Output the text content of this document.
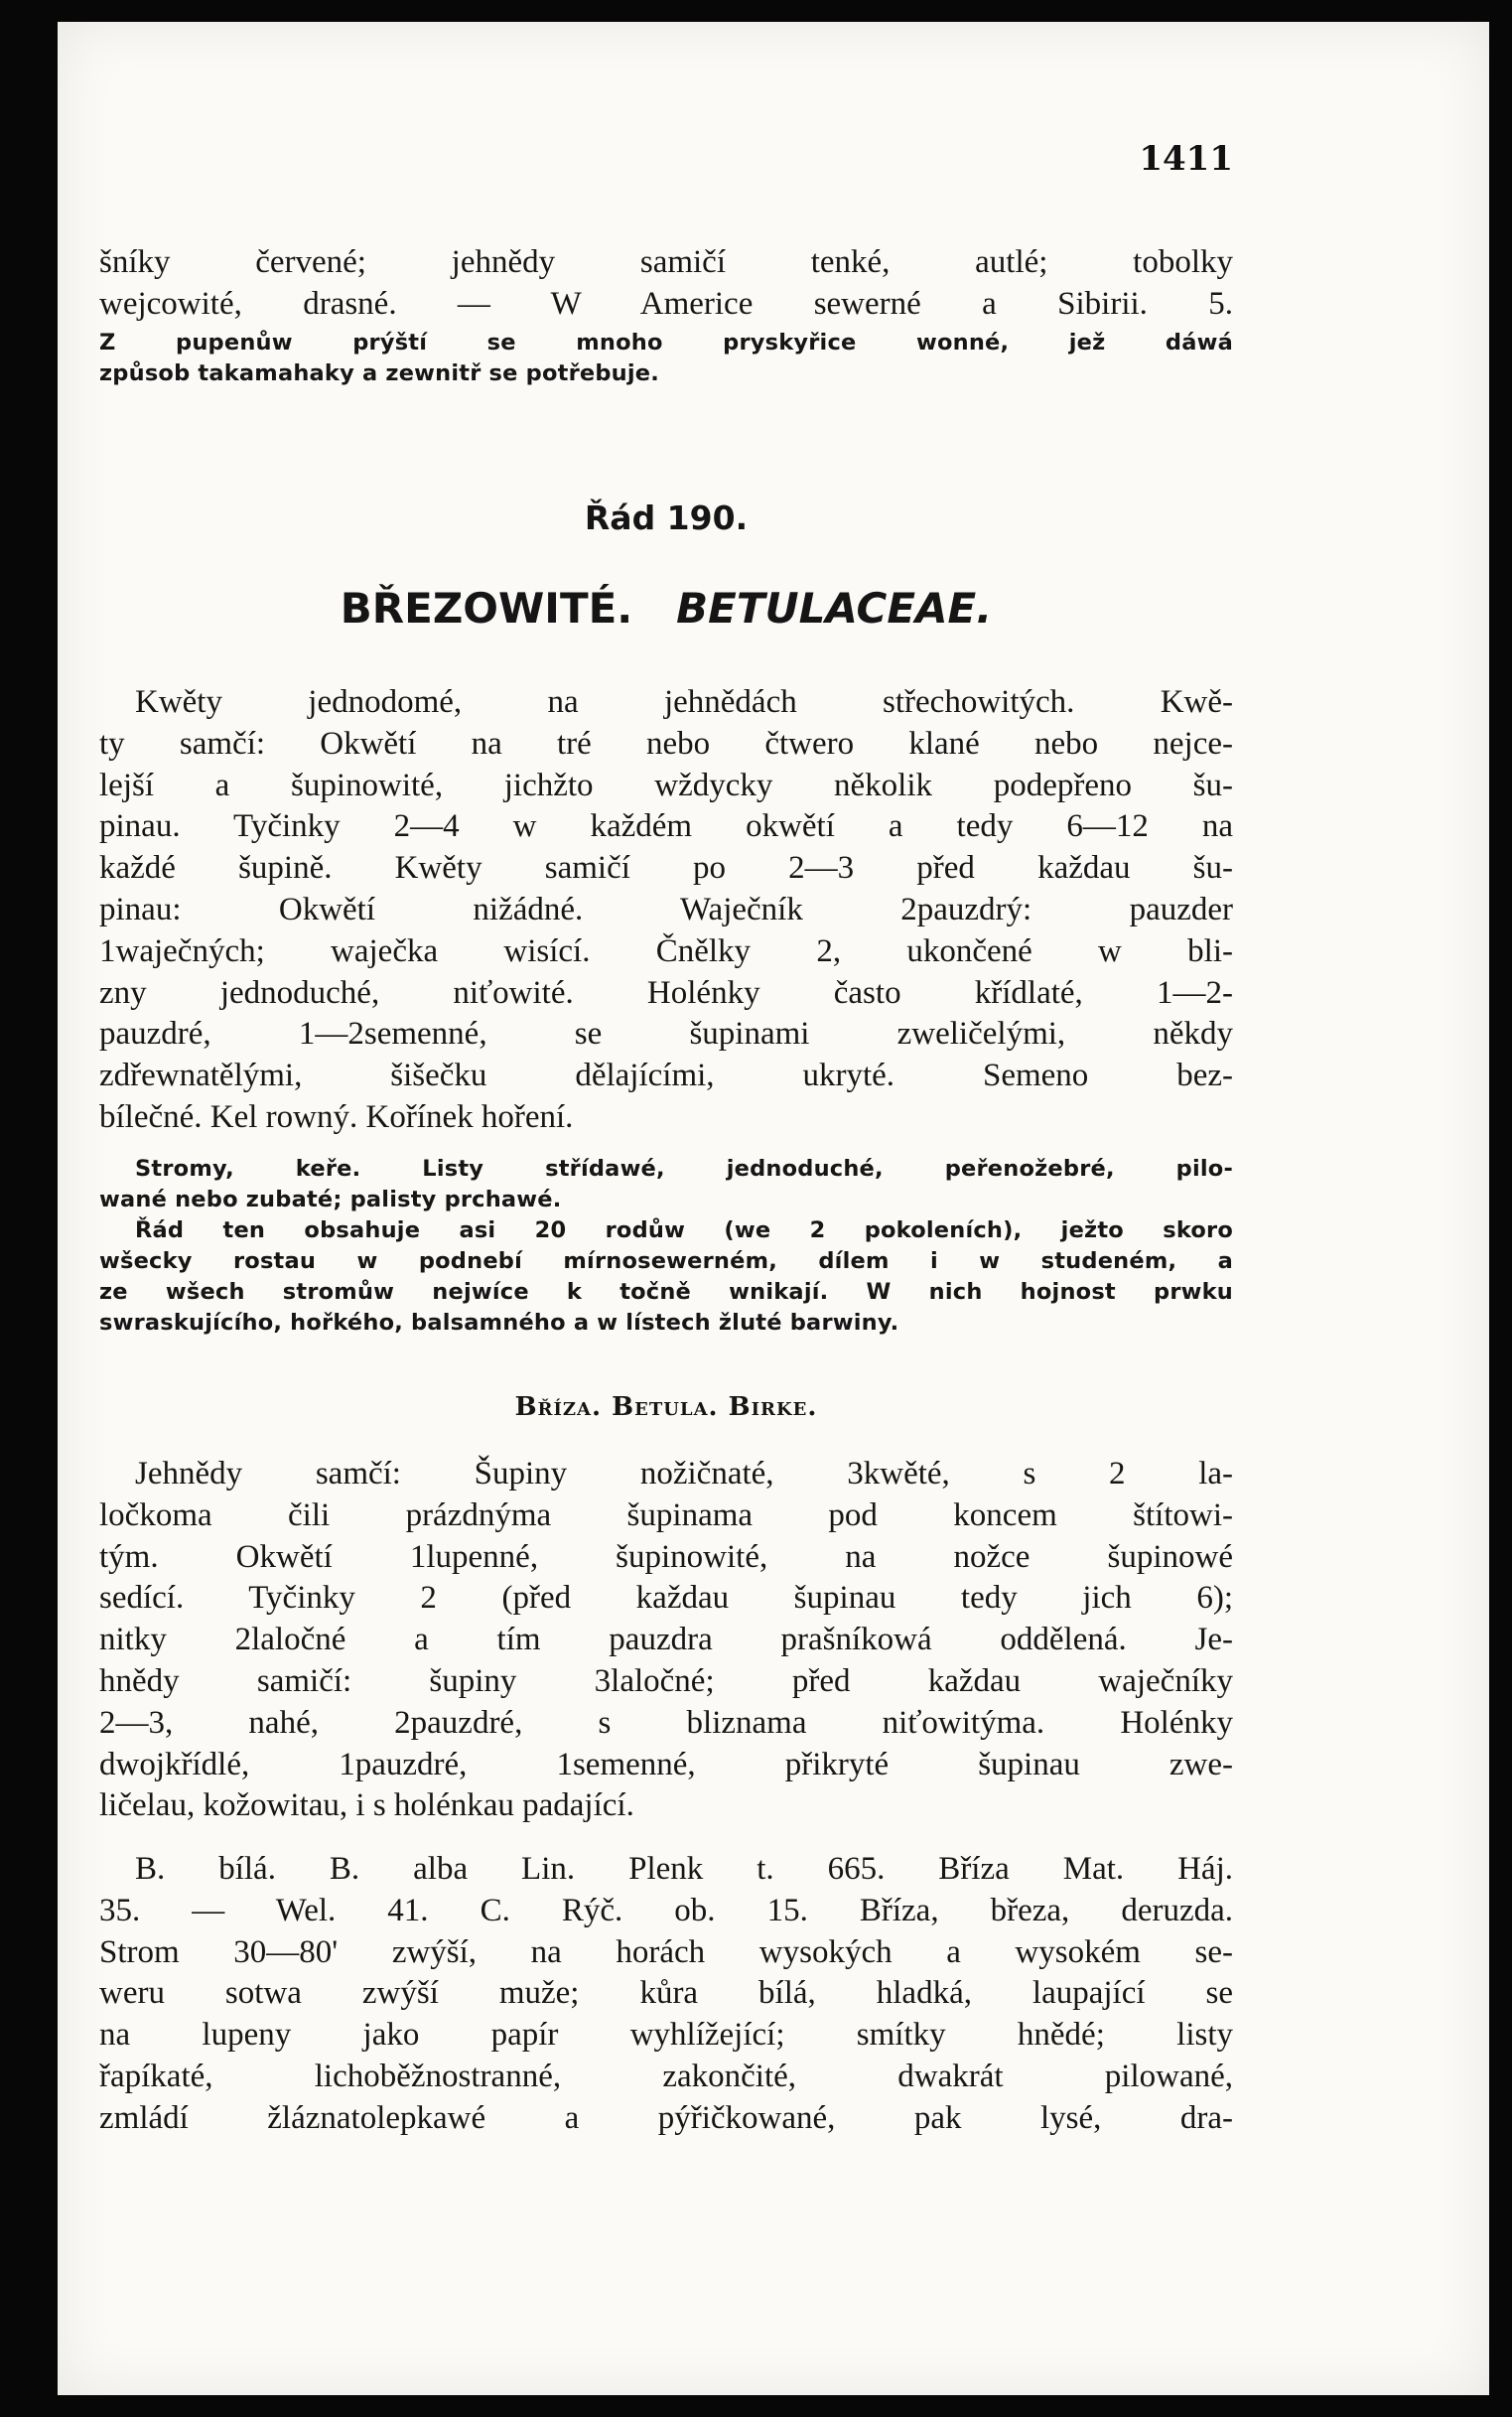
1411
šníky červené; jehnědy samičí tenké, autlé; tobolky
wejcowité, drasné. — W Americe sewerné a Sibirii. 5.
Z pupenůw prýští se mnoho pryskyřice wonné, jež dáwá
způsob takamahaky a zewnitř se potřebuje.
Řád 190.
BŘEZOWITÉ. BETULACEAE.
Kwěty jednodomé, na jehnědách střechowitých. Kwě-
ty samčí: Okwětí na tré nebo čtwero klané nebo nejce-
lejší a šupinowité, jichžto wždycky několik podepřeno šu-
pinau. Tyčinky 2—4 w každém okwětí a tedy 6—12 na
každé šupině. Kwěty samičí po 2—3 před každau šu-
pinau: Okwětí nižádné. Waječník 2pauzdrý: pauzder
1waječných; waječka wisící. Čnělky 2, ukončené w bli-
zny jednoduché, niťowité. Holénky často křídlaté, 1—2-
pauzdré, 1—2semenné, se šupinami zweličelými, někdy
zdřewnatělými, šišečku dělajícími, ukryté. Semeno bez-
bílečné. Kel rowný. Kořínek hoření.
Stromy, keře. Listy střídawé, jednoduché, peřenožebré, pilo-
wané nebo zubaté; palisty prchawé.
Řád ten obsahuje asi 20 rodůw (we 2 pokoleních), ježto skoro
wšecky rostau w podnebí mírnosewerném, dílem i w studeném, a
ze wšech stromůw nejwíce k točně wnikají. W nich hojnost prwku
swraskujícího, hořkého, balsamného a w lístech žluté barwiny.
Bříza. Betula. Birke.
Jehnědy samčí: Šupiny nožičnaté, 3kwěté, s 2 la-
ločkoma čili prázdnýma šupinama pod koncem štítowi-
tým. Okwětí 1lupenné, šupinowité, na nožce šupinowé
sedící. Tyčinky 2 (před každau šupinau tedy jich 6);
nitky 2laločné a tím pauzdra prašníkowá oddělená. Je-
hnědy samičí: šupiny 3laločné; před každau waječníky
2—3, nahé, 2pauzdré, s bliznama niťowitýma. Holénky
dwojkřídlé, 1pauzdré, 1semenné, přikryté šupinau zwe-
ličelau, kožowitau, i s holénkau padající.
B. bílá. B. alba Lin. Plenk t. 665. Bříza Mat. Háj.
35. — Wel. 41. C. Rýč. ob. 15. Bříza, březa, deruzda.
Strom 30—80' zwýší, na horách wysokých a wysokém se-
weru sotwa zwýší muže; kůra bílá, hladká, laupající se
na lupeny jako papír wyhlížející; smítky hnědé; listy
řapíkaté, lichoběžnostranné, zakončité, dwakrát pilowané,
zmládí žláznatolepkawé a pýřičkowané, pak lysé, dra-
